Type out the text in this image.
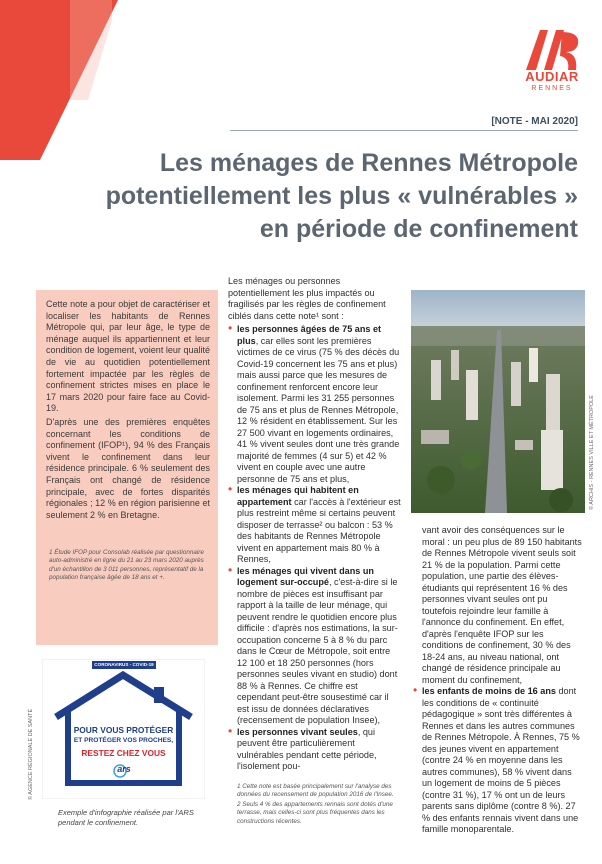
AUDIAR
RENNES
[NOTE - MAI 2020]
Les ménages de Rennes Métropole
potentiellement les plus « vulnérables »
en période de confinement

Cette note a pour objet de caractériser et localiser les habitants de Rennes Métropole qui, par leur âge, le type de ménage auquel ils appartiennent et leur condition de logement, voient leur qualité de vie au quotidien potentiellement fortement impactée par les règles de confinement strictes mises en place le 17 mars 2020 pour faire face au Covid-19.

D'après une des premières enquêtes concernant les conditions de confinement (IFOP¹), 94 % des Français vivent le confinement dans leur résidence principale. 6 % seulement des Français ont changé de résidence principale, avec de fortes disparités régionales ; 12 % en région parisienne et seulement 2 % en Bretagne.

1 Étude IFOP pour Consolab réalisée par questionnaire auto-administré en ligne du 21 au 23 mars 2020 auprès d'un échantillon de 3 011 personnes, représentatif de la population française âgée de 18 ans et +.

© AGENCE RÉGIONALE DE SANTÉ
CORONAVIRUS - COVID-19
POUR VOUS PROTÉGER
ET PROTÉGER VOS PROCHES,
RESTEZ CHEZ VOUS
ars

Exemple d'infographie réalisée par l'ARS pendant le confinement.

Les ménages ou personnes potentiellement les plus impactés ou fragilisés par les règles de confinement ciblés dans cette note¹ sont :

• les personnes âgées de 75 ans et plus, car elles sont les premières victimes de ce virus (75 % des décès du Covid-19 concernent les 75 ans et plus) mais aussi parce que les mesures de confinement renforcent encore leur isolement. Parmi les 31 255 personnes de 75 ans et plus de Rennes Métropole, 12 % résident en établissement. Sur les 27 500 vivant en logements ordinaires, 41 % vivent seules dont une très grande majorité de femmes (4 sur 5) et 42 % vivent en couple avec une autre personne de 75 ans et plus,

• les ménages qui habitent en appartement car l'accès à l'extérieur est plus restreint même si certains peuvent disposer de terrasse² ou balcon : 53 % des habitants de Rennes Métropole vivent en appartement mais 80 % à Rennes,

• les ménages qui vivent dans un logement sur-occupé, c'est-à-dire si le nombre de pièces est insuffisant par rapport à la taille de leur ménage, qui peuvent rendre le quotidien encore plus difficile : d'après nos estimations, la sur-occupation concerne 5 à 8 % du parc dans le Cœur de Métropole, soit entre 12 100 et 18 250 personnes (hors personnes seules vivant en studio) dont 88 % à Rennes. Ce chiffre est cependant peut-être sousestimé car il est issu de données déclaratives (recensement de population Insee),

• les personnes vivant seules, qui peuvent être particulièrement vulnérables pendant cette période, l'isolement pou-

1 Cette note est basée principalement sur l'analyse des données du recensement de population 2016 de l'Insee.

2 Seuls 4 % des appartements rennais sont dotés d'une terrasse, mais celles-ci sont plus fréquentes dans les constructions récentes.

© ARCHIS - RENNES VILLE ET MÉTROPOLE

vant avoir des conséquences sur le moral : un peu plus de 89 150 habitants de Rennes Métropole vivent seuls soit 21 % de la population. Parmi cette population, une partie des élèves-étudiants qui représentent 16 % des personnes vivant seules ont pu toutefois rejoindre leur famille à l'annonce du confinement. En effet, d'après l'enquête IFOP sur les conditions de confinement, 30 % des 18-24 ans, au niveau national, ont changé de résidence principale au moment du confinement,

• les enfants de moins de 16 ans dont les conditions de « continuité pédagogique » sont très différentes à Rennes et dans les autres communes de Rennes Métropole. À Rennes, 75 % des jeunes vivent en appartement (contre 24 % en moyenne dans les autres communes), 58 % vivent dans un logement de moins de 5 pièces (contre 31 %), 17 % ont un de leurs parents sans diplôme (contre 8 %). 27 % des enfants rennais vivent dans une famille monoparentale.
